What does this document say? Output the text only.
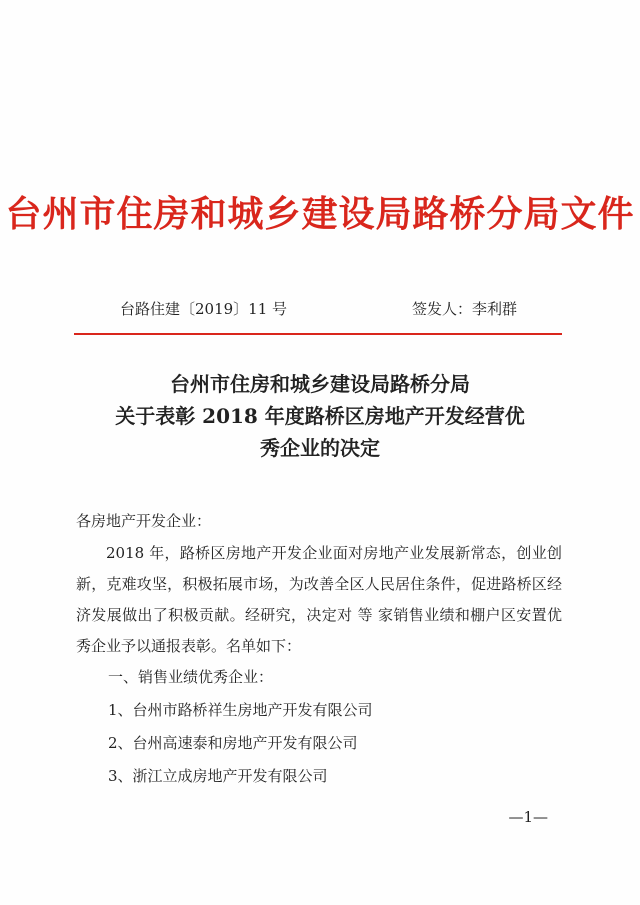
台州市住房和城乡建设局路桥分局文件
台路住建〔2019〕11 号	签发人：李利群
台州市住房和城乡建设局路桥分局
关于表彰 2018 年度路桥区房地产开发经营优
秀企业的决定
各房地产开发企业：
2018 年，路桥区房地产开发企业面对房地产业发展新常态，创业创新，克难攻坚，积极拓展市场，为改善全区人民居住条件，促进路桥区经济发展做出了积极贡献。经研究，决定对 等 家销售业绩和棚户区安置优秀企业予以通报表彰。名单如下：
一、销售业绩优秀企业：
1、台州市路桥祥生房地产开发有限公司
2、台州高速泰和房地产开发有限公司
3、浙江立成房地产开发有限公司
—1—
